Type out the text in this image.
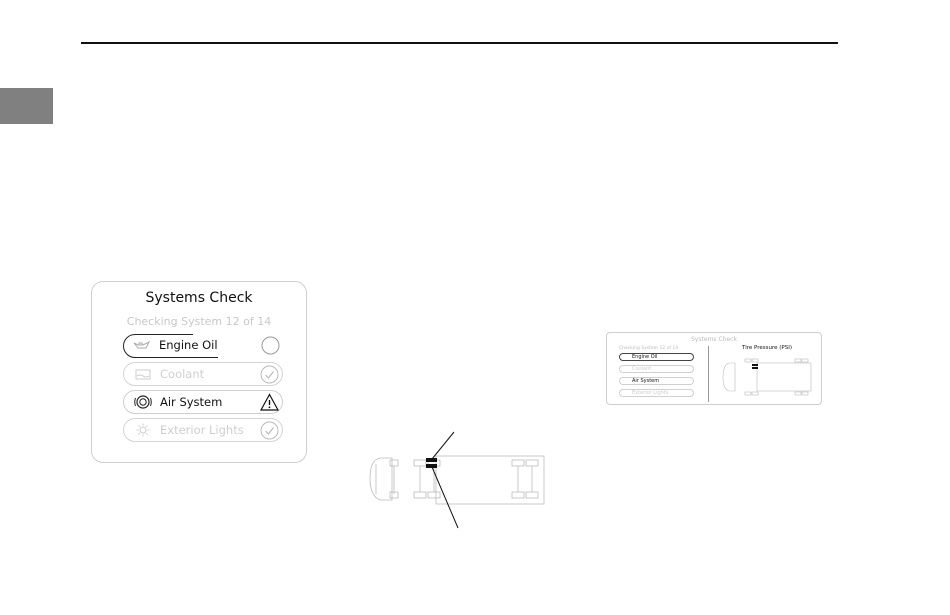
Systems Check
Checking System 12 of 14
Engine Oil
Coolant
Air System
Exterior Lights
Systems Check
Checking System 12 of 14
Engine Oil
Coolant
Air System
Exterior Lights
Tire Pressure (PSI)
